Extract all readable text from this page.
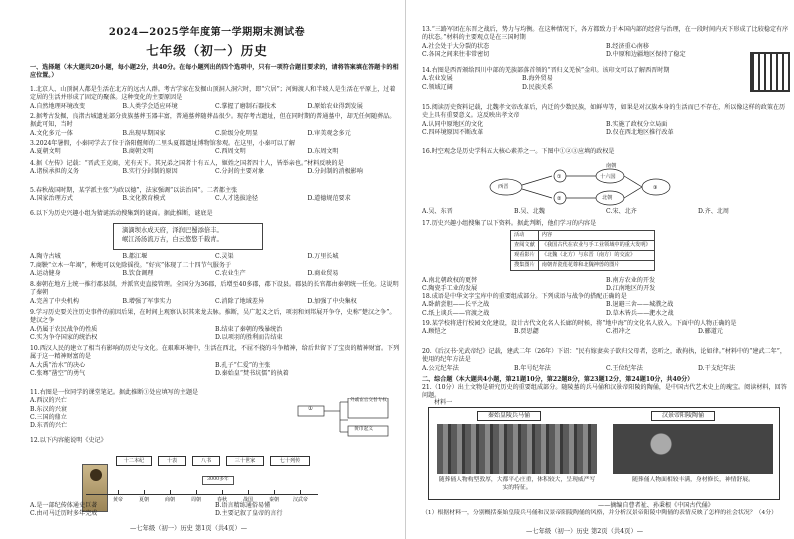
2024—2025学年度第一学期期末测试卷
七年级（初一）历史
一、选择题（本大题共20小题，每小题2分，共40分。在每小题列出的四个选项中，只有一项符合题目要求的，请将答案填在答题卡的相应位置。）
1.北京人、山顶洞人都是生活在北方的远古人群。考古学家在发掘山顶洞人洞穴时，即“穴居”；河姆渡人和半坡人是生活在平原上，过着定居的生活并形成了固定的聚落。这种变化的主要原因是
A.自然地理环境改变	B.人类学会适应环境	C.掌握了磨制石器技术	D.原始农业得到发展
2.据考古发掘，良渚古城遗址部分贵族墓葬玉器丰富，普通墓葬随葬品很少。现存考古遗址，但在同时期的普通墓中，却无任何随葬品。据此可知，当时
A.文化多元一体	B.出现早期国家	C.阶级分化明显	D.审美观念多元
3.2024年暑假，小秦同学去了位于洛阳偃师的二里头夏都遗址博物馆参观。在这里，小秦可以了解
A.夏朝文明	B.商朝文明	C.西周文明	D.东周文明
4.据《左传》记载：“晋武王克商，光有天下。其兄弟之国者十有五人，姬姓之国者四十人，皆举亲也。”材料反映的是
A.诸侯承担的义务	B.实行分封制的原因	C.分封的主要对象	D.分封制的消极影响
5.春秋战国时期，某学派主张“为政以德”，法家强调“以法治国”。二者都主张
A.国家治理方式	B.文化教育模式	C.人才选拔途径	D.道德规范要求
6.以下为历史兴趣小组为猜谜活动搜集到的谜面。据此推断，谜底是
滴滴坝水成天府，泽润巴蜀添倍丰。
岷江汤汤流万古，白云悠悠千载青。
A.陶寺古城	B.都江堰	C.灵渠	D.万里长城
7.商鞅“立木一年竭”，种地可以免除徭役。“好宾”体现了二十四节气服务于
A.运动健身	B.饮食调理	C.农业生产	D.商业贸易
8.秦朝在地方上统一推行郡县制，并派官吏直接管理。全国分为36郡，后增至40多郡，郡下设县。郡县的长官都由秦朝统一任免。这说明了秦朝
A.完善了中央机构	B.增强了军事实力	C.消除了地域差异	D.加强了中央集权
9.学习历史要关注历史事件的前因后果，在时间上观察认识其来龙去脉。推断，吴广起义之后，项羽和刘邦展开争夺，史称“楚汉之争”。楚汉之争
A.仍属于农民战争的性质	B.结束了秦朝的残暴统治
C.实为争夺国家的统治权	D.以项羽的胜利而告结束
10.西汉人民的建立了相当有影响的历史与文化。在艰难环境中，生活在西北，不屈不挠的斗争精神，给后世留下了宝贵的精神财富。下列属于这一精神财富的是
A.大禹“治水”的决心	B.孔子“仁爱”的主张
C.张骞“凿空”的勇气	D.秦始皇“焚书坑儒”的执着
11.右图是一位同学的课堂笔记。据此推断①处应填写的主题是
A.西汉的兴亡
B.东汉的兴衰
C.三国的鼎立
D.东晋的兴亡
①
外戚宦官交替专权
黄巾起义
12.以下内容能说明《史记》
十二本纪	十表	八书	三十世家	七十列传
3000多年
黄帝	夏朝	商朝	周朝	春秋	战国	秦朝	汉武帝
A.是一部纪传体通史巨著	B.语言精练通俗易懂
C.由司马迁历时多年完成	D.主要记叙了皇帝的言行
—七年级（初一）历史 第1页（共4页）—
13.“三路军团在东晋之战后，势力与均衡。在这种情况下，各方都致力于本国内部的经营与治理，在一段时间内天下形成了比较稳定有序的状态。”材料的主要观点是在三国时期
A.社会处于大分裂的状态	B.经济重心南移
C.各国之间来往非常密切	D.中原和边疆地区保持了稳定
14.右图是西晋颁给四川中部的羌族部落首领的“晋归义羌侯”金印。该印文可以了解西晋时期
A.农业发展	B.海外贸易
C.领域辽阔	D.民族关系
15.阅读历史资料记载，北魏孝文帝改革后，内迁的少数民族，如鲜卑等，如果是对汉族本身的生活而已不存在，所以像这样的政策在历史上具有重要意义。这反映出孝文帝
A.认同中原地区的文化	B.实施了政权分立局面
C.四环境原因不断改革	D.仅在西北地区推行改革
16.时空观念是历史学科五大核心素养之一。下图中①②③应填的政权是
①
②
③
西晋
十六国
北朝
南朝
A.吴、东晋	B.吴、北魏	C.宋、北齐	D.齐、北周
17.历史兴趣小组搜集了以下资料。据此判断，他们学习的内容是
活动	内容
查阅文献	《我国古代在农业与手工业领域中的重大发明》
观看影片	《北魏（北方）与东晋（南方）的交流》
搜集图片	南朝青瓷莲花尊和北魏神兽的图片
A.南北朝政权的更替	B.南方农业的开发
C.陶瓷手工业的发展	D.江南地区的开发
18.成语是中华文字宝库中的重要组成部分。下列成语与战争的搭配正确的是
A.卧薪尝胆——长平之战	B.退避三舍——城濮之战
C.纸上谈兵——官渡之战	D.草木皆兵——淝水之战
19.某学校将进行校园文化建设，设计古代文化名人长廊的时候，将“地中海”的文化名人放入。下面中的人物正确的是
A.顾恺之	B.贾思勰	C.祖冲之	D.郦道元
20.《后汉书·光武帝纪》记载，建武二年（26年）下诏：“民有嫁妻卖子欲归父母者，恣听之，敢拘执，论如律。”材料中的“建武二年”，使用的纪年方法是
A.公元纪年法	B.年号纪年法	C.王位纪年法	D.干支纪年法
二、综合题（本大题共4小题，第21题10分，第22题8分，第23题12分，第24题10分，共40分）
21.（10分）出土文物是研究历史的重要组成部分。随陵墓的兵马俑和汉景帝阳陵的陶俑，是中国古代艺术史上的瑰宝。阅读材料，回答问题。
材料一
秦始皇陵兵马俑	汉景帝阳陵陶俑
随葬俑人物构型敦厚，大都平心庄重，体积较大，呈现威严写实的特征。
随葬俑人物面相较丰满，身材修长，神情舒展。
——摘编自曹者祉、孙秉根《中国古代俑》
（1）根据材料一，分别概括秦始皇陵兵马俑和汉景帝阳陵陶俑的风格，并分析汉景帝阳陵中陶俑的表情反映了怎样的社会状况？（4分）
—七年级（初一）历史 第2页（共4页）—
